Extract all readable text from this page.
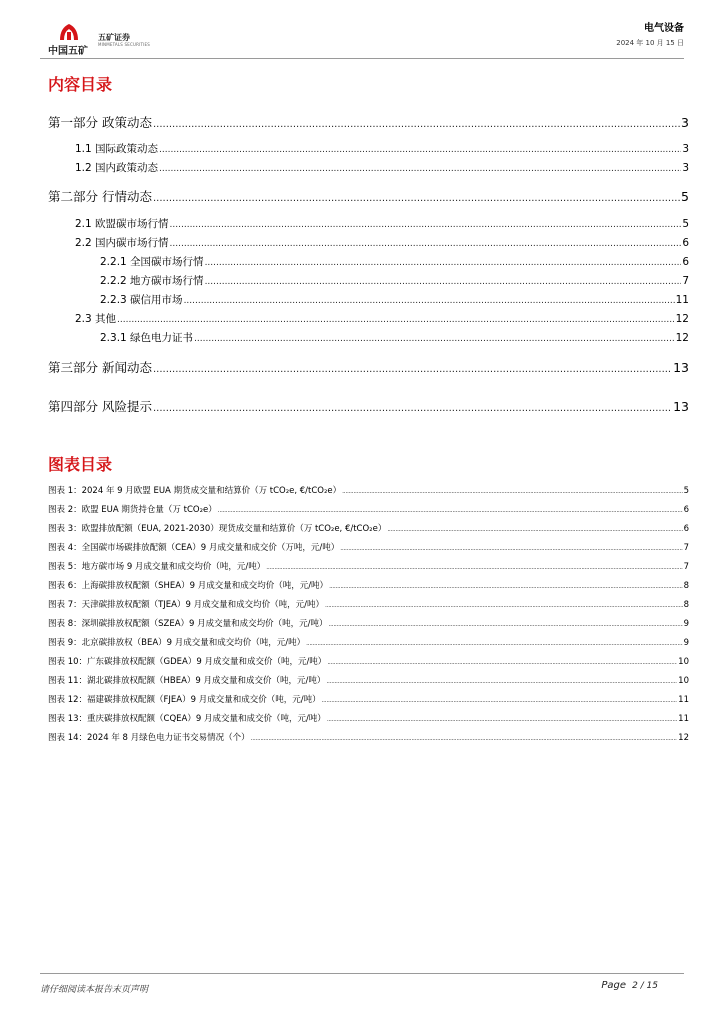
中国五矿
五矿证券
MINMETALS SECURITIES
电气设备
2024 年 10 月 15 日
内容目录
第一部分 政策动态 .....	3
1.1 国际政策动态 .....	3
1.2 国内政策动态 .....	3
第二部分 行情动态 .....	5
2.1 欧盟碳市场行情 .....	5
2.2 国内碳市场行情 .....	6
2.2.1 全国碳市场行情 .....	6
2.2.2 地方碳市场行情 .....	7
2.2.3 碳信用市场 .....	11
2.3 其他 .....	12
2.3.1 绿色电力证书 .....	12
第三部分 新闻动态 .....	13
第四部分 风险提示 .....	13
图表目录
图表 1：2024 年 9 月欧盟 EUA 期货成交量和结算价（万 tCO₂e, €/tCO₂e） .....	5
图表 2：欧盟 EUA 期货持仓量（万 tCO₂e） .....	6
图表 3：欧盟排放配额（EUA, 2021-2030）现货成交量和结算价（万 tCO₂e, €/tCO₂e） .....	6
图表 4：全国碳市场碳排放配额（CEA）9 月成交量和成交价（万吨，元/吨） .....	7
图表 5：地方碳市场 9 月成交量和成交均价（吨，元/吨） .....	7
图表 6：上海碳排放权配额（SHEA）9 月成交量和成交均价（吨，元/吨） .....	8
图表 7：天津碳排放权配额（TJEA）9 月成交量和成交均价（吨，元/吨） .....	8
图表 8：深圳碳排放权配额（SZEA）9 月成交量和成交均价（吨，元/吨） .....	9
图表 9：北京碳排放权（BEA）9 月成交量和成交均价（吨，元/吨） .....	9
图表 10：广东碳排放权配额（GDEA）9 月成交量和成交价（吨，元/吨） .....	10
图表 11：湖北碳排放权配额（HBEA）9 月成交量和成交价（吨，元/吨） .....	10
图表 12：福建碳排放权配额（FJEA）9 月成交量和成交价（吨，元/吨） .....	11
图表 13：重庆碳排放权配额（CQEA）9 月成交量和成交价（吨，元/吨） .....	11
图表 14：2024 年 8 月绿色电力证书交易情况（个） .....	12
请仔细阅读本报告末页声明	Page 2 / 15
